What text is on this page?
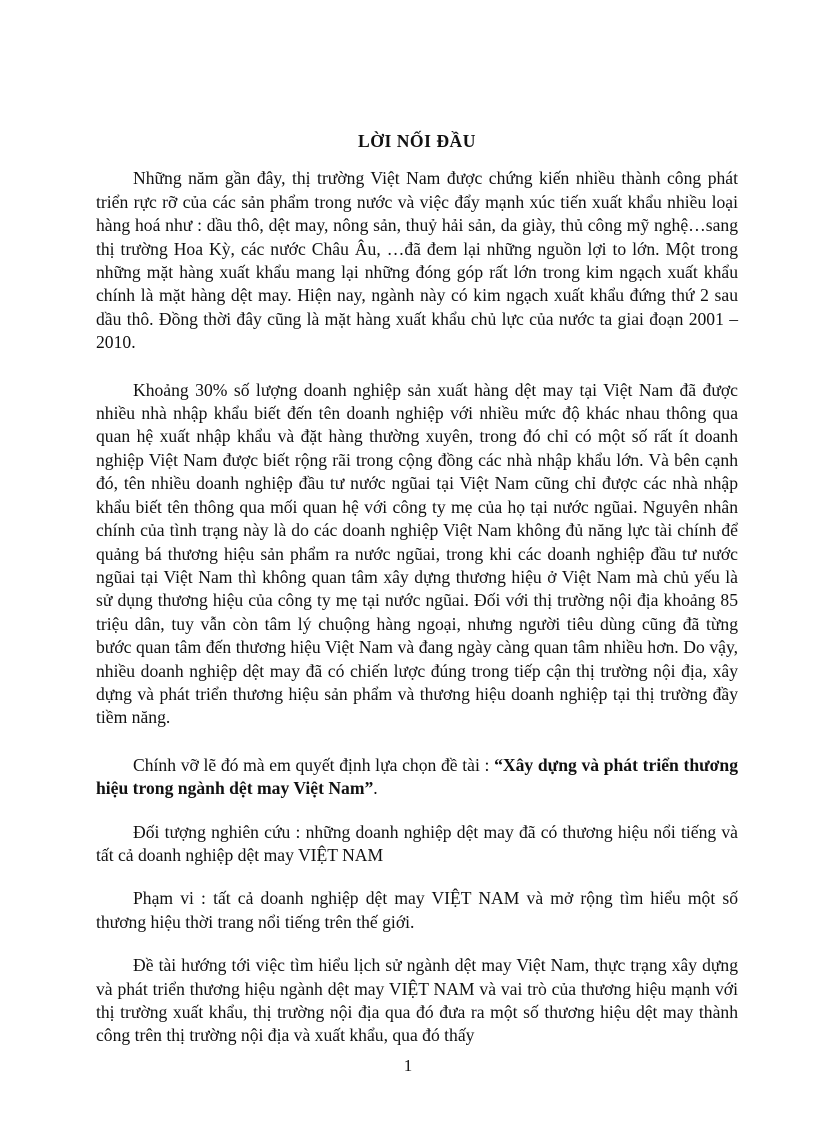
LỜI NỐI ĐẦU

Những năm gần đây, thị trường Việt Nam được chứng kiến nhiều thành công phát triển rực rỡ của các sản phẩm trong nước và việc đẩy mạnh xúc tiến xuất khẩu nhiều loại hàng hoá như : dầu thô, dệt may, nông sản, thuỷ hải sản, da giày, thủ công mỹ nghệ…sang thị trường Hoa Kỳ, các nước Châu Âu, …đã đem lại những nguồn lợi to lớn. Một trong những mặt hàng xuất khẩu mang lại những đóng góp rất lớn trong kim ngạch xuất khẩu chính là mặt hàng dệt may. Hiện nay, ngành này có kim ngạch xuất khẩu đứng thứ 2 sau dầu thô. Đồng thời đây cũng là mặt hàng xuất khẩu chủ lực của nước ta giai đoạn 2001 – 2010.

Khoảng 30% số lượng doanh nghiệp sản xuất hàng dệt may tại Việt Nam đã được nhiều nhà nhập khẩu biết đến tên doanh nghiệp với nhiều mức độ khác nhau thông qua quan hệ xuất nhập khẩu và đặt hàng thường xuyên, trong đó chỉ có một số rất ít doanh nghiệp Việt Nam được biết rộng rãi trong cộng đồng các nhà nhập khẩu lớn. Và bên cạnh đó, tên nhiều doanh nghiệp đầu tư nước ngũai tại Việt Nam cũng chỉ được các nhà nhập khẩu biết tên thông qua mối quan hệ với công ty mẹ của họ tại nước ngũai. Nguyên nhân chính của tình trạng này là do các doanh nghiệp Việt Nam không đủ năng lực tài chính để quảng bá thương hiệu sản phẩm ra nước ngũai, trong khi các doanh nghiệp đầu tư nước ngũai tại Việt Nam thì không quan tâm xây dựng thương hiệu ở Việt Nam mà chủ yếu là sử dụng thương hiệu của công ty mẹ tại nước ngũai. Đối với thị trường nội địa khoảng 85 triệu dân, tuy vẫn còn tâm lý chuộng hàng ngoại, nhưng người tiêu dùng cũng đã từng bước quan tâm đến thương hiệu Việt Nam và đang ngày càng quan tâm nhiều hơn. Do vậy, nhiều doanh nghiệp dệt may đã có chiến lược đúng trong tiếp cận thị trường nội địa, xây dựng và phát triển thương hiệu sản phẩm và thương hiệu doanh nghiệp tại thị trường đầy tiềm năng.

Chính vỡ lẽ đó mà em quyết định lựa chọn đề tài : “Xây dựng và phát triển thương hiệu trong ngành dệt may Việt Nam”.

Đối tượng nghiên cứu : những doanh nghiệp dệt may đã có thương hiệu nổi tiếng và tất cả doanh nghiệp dệt may VIỆT NAM

Phạm vi : tất cả doanh nghiệp dệt may VIỆT NAM và mở rộng tìm hiểu một số thương hiệu thời trang nổi tiếng trên thế giới.

Đề tài hướng tới việc tìm hiểu lịch sử ngành dệt may Việt Nam, thực trạng xây dựng và phát triển thương hiệu ngành dệt may VIỆT NAM và vai trò của thương hiệu mạnh với thị trường xuất khẩu, thị trường nội địa qua đó đưa ra một số thương hiệu dệt may thành công trên thị trường nội địa và xuất khẩu, qua đó thấy

1
